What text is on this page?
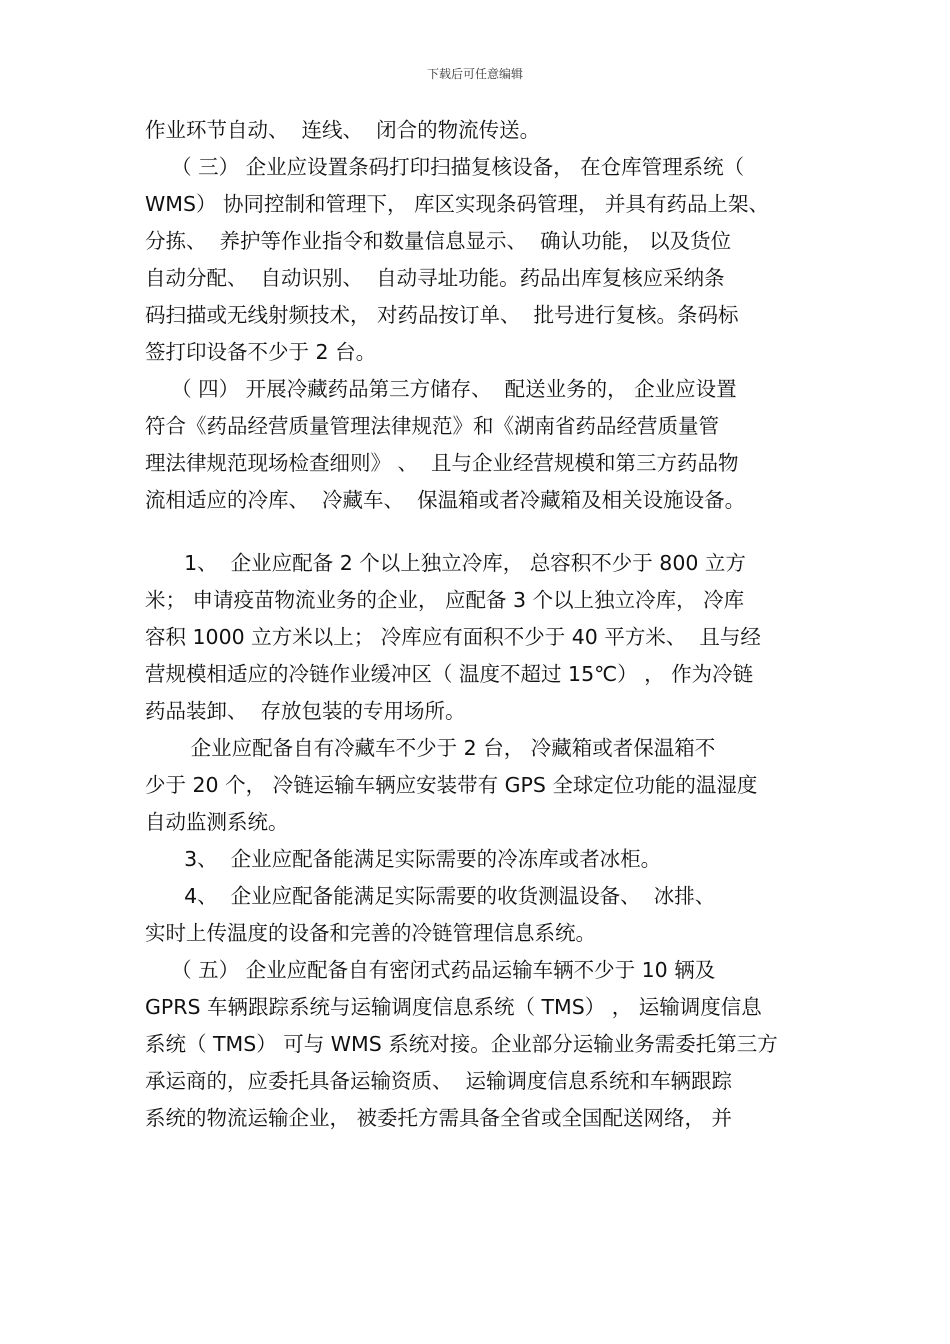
下载后可任意编辑
作业环节自动、  连线、  闭合的物流传送。
（ 三） 企业应设置条码打印扫描复核设备， 在仓库管理系统（
WMS） 协同控制和管理下， 库区实现条码管理， 并具有药品上架、
分拣、  养护等作业指令和数量信息显示、  确认功能， 以及货位
自动分配、  自动识别、  自动寻址功能。药品出库复核应采纳条
码扫描或无线射频技术， 对药品按订单、  批号进行复核。条码标
签打印设备不少于 2 台。
（ 四） 开展冷藏药品第三方储存、  配送业务的， 企业应设置
符合《药品经营质量管理法律规范》和《湖南省药品经营质量管
理法律规范现场检查细则》 、  且与企业经营规模和第三方药品物
流相适应的冷库、  冷藏车、  保温箱或者冷藏箱及相关设施设备。
1、  企业应配备 2 个以上独立冷库， 总容积不少于 800 立方
米； 申请疫苗物流业务的企业， 应配备 3 个以上独立冷库， 冷库
容积 1000 立方米以上； 冷库应有面积不少于 40 平方米、  且与经
营规模相适应的冷链作业缓冲区（ 温度不超过 15℃） ， 作为冷链
药品装卸、  存放包装的专用场所。
企业应配备自有冷藏车不少于 2 台， 冷藏箱或者保温箱不
少于 20 个， 冷链运输车辆应安装带有 GPS 全球定位功能的温湿度
自动监测系统。
3、  企业应配备能满足实际需要的冷冻库或者冰柜。
4、  企业应配备能满足实际需要的收货测温设备、  冰排、
实时上传温度的设备和完善的冷链管理信息系统。
（ 五） 企业应配备自有密闭式药品运输车辆不少于 10 辆及
GPRS 车辆跟踪系统与运输调度信息系统（ TMS） ， 运输调度信息
系统（ TMS） 可与 WMS 系统对接。企业部分运输业务需委托第三方
承运商的，应委托具备运输资质、  运输调度信息系统和车辆跟踪
系统的物流运输企业， 被委托方需具备全省或全国配送网络， 并
